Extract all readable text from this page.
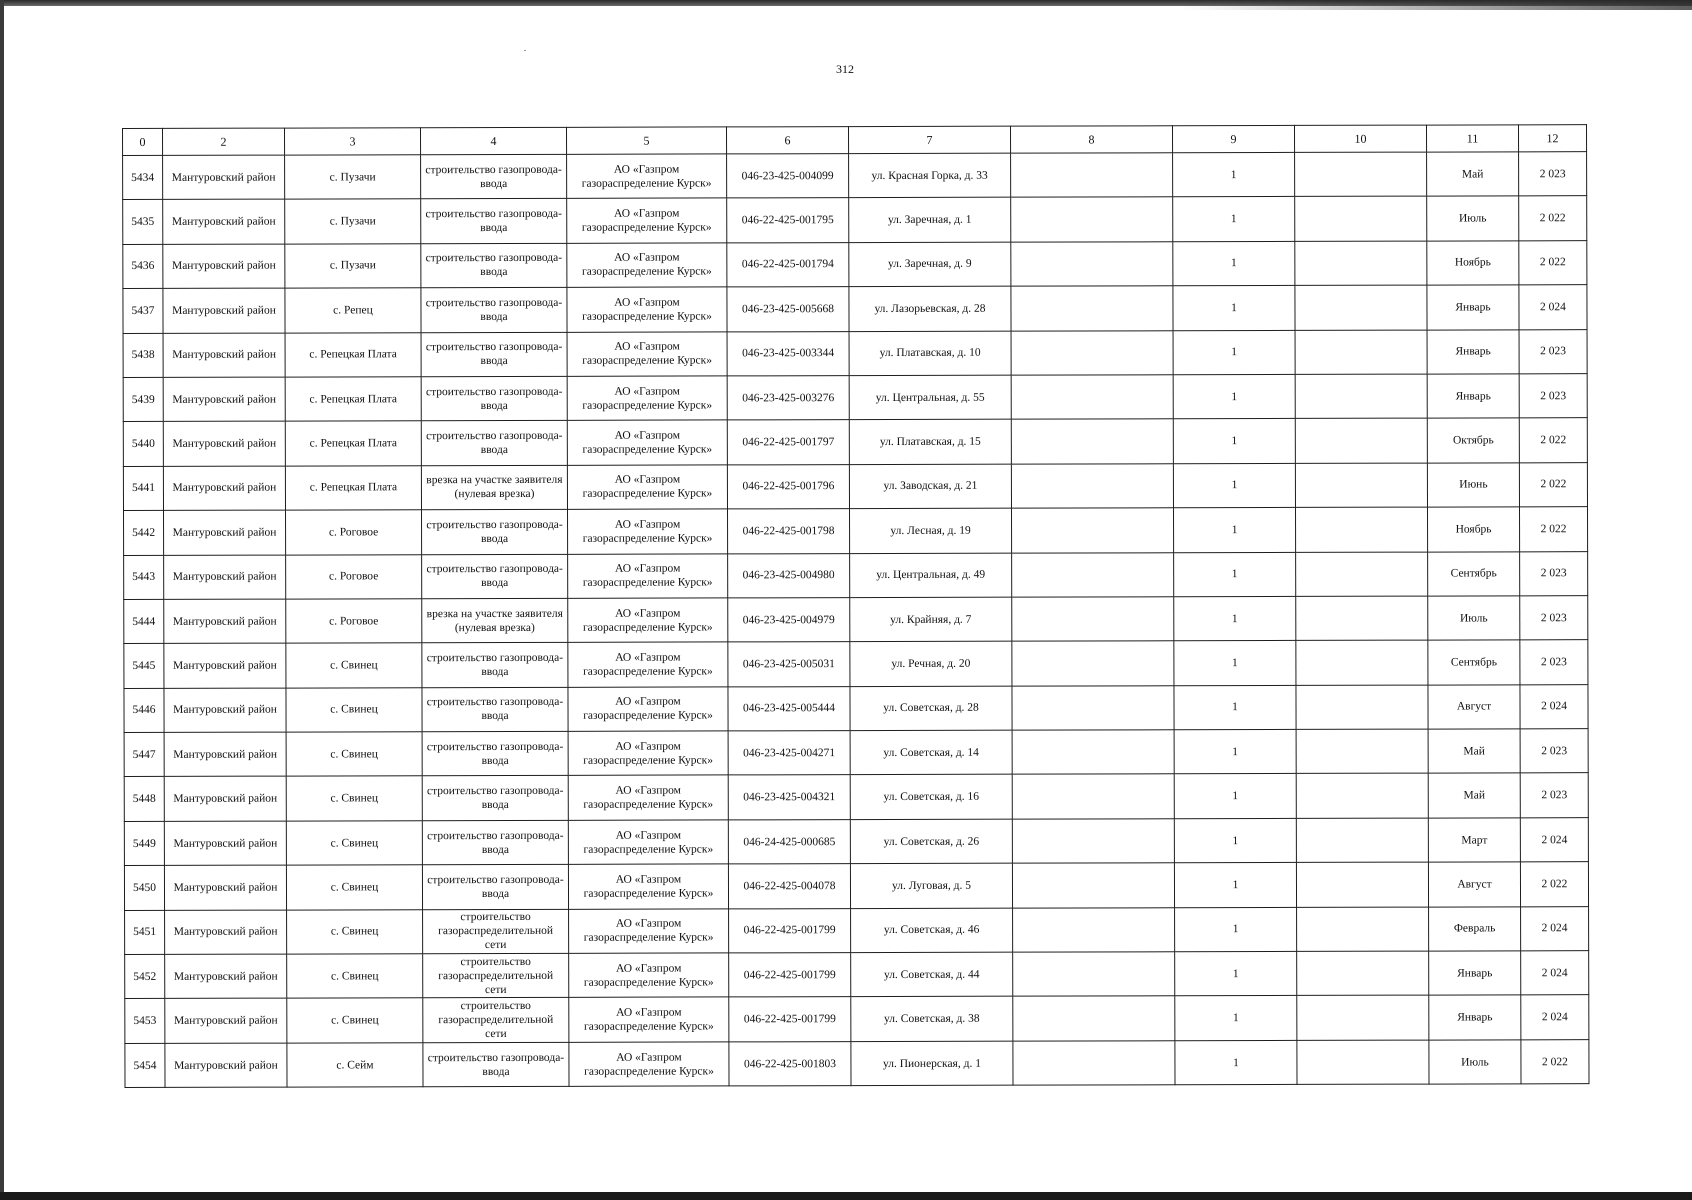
312
0	2	3	4	5	6	7	8	9	10	11	12
5434	Мантуровский район	с. Пузачи	строительство газопровода-ввода	АО «Газпром газораспределение Курск»	046-23-425-004099	ул. Красная Горка, д. 33		1		Май	2 023
5435	Мантуровский район	с. Пузачи	строительство газопровода-ввода	АО «Газпром газораспределение Курск»	046-22-425-001795	ул. Заречная, д. 1		1		Июль	2 022
5436	Мантуровский район	с. Пузачи	строительство газопровода-ввода	АО «Газпром газораспределение Курск»	046-22-425-001794	ул. Заречная, д. 9		1		Ноябрь	2 022
5437	Мантуровский район	с. Репец	строительство газопровода-ввода	АО «Газпром газораспределение Курск»	046-23-425-005668	ул. Лазорьевская, д. 28		1		Январь	2 024
5438	Мантуровский район	с. Репецкая Плата	строительство газопровода-ввода	АО «Газпром газораспределение Курск»	046-23-425-003344	ул. Платавская, д. 10		1		Январь	2 023
5439	Мантуровский район	с. Репецкая Плата	строительство газопровода-ввода	АО «Газпром газораспределение Курск»	046-23-425-003276	ул. Центральная, д. 55		1		Январь	2 023
5440	Мантуровский район	с. Репецкая Плата	строительство газопровода-ввода	АО «Газпром газораспределение Курск»	046-22-425-001797	ул. Платавская, д. 15		1		Октябрь	2 022
5441	Мантуровский район	с. Репецкая Плата	врезка на участке заявителя (нулевая врезка)	АО «Газпром газораспределение Курск»	046-22-425-001796	ул. Заводская, д. 21		1		Июнь	2 022
5442	Мантуровский район	с. Роговое	строительство газопровода-ввода	АО «Газпром газораспределение Курск»	046-22-425-001798	ул. Лесная, д. 19		1		Ноябрь	2 022
5443	Мантуровский район	с. Роговое	строительство газопровода-ввода	АО «Газпром газораспределение Курск»	046-23-425-004980	ул. Центральная, д. 49		1		Сентябрь	2 023
5444	Мантуровский район	с. Роговое	врезка на участке заявителя (нулевая врезка)	АО «Газпром газораспределение Курск»	046-23-425-004979	ул. Крайняя, д. 7		1		Июль	2 023
5445	Мантуровский район	с. Свинец	строительство газопровода-ввода	АО «Газпром газораспределение Курск»	046-23-425-005031	ул. Речная, д. 20		1		Сентябрь	2 023
5446	Мантуровский район	с. Свинец	строительство газопровода-ввода	АО «Газпром газораспределение Курск»	046-23-425-005444	ул. Советская, д. 28		1		Август	2 024
5447	Мантуровский район	с. Свинец	строительство газопровода-ввода	АО «Газпром газораспределение Курск»	046-23-425-004271	ул. Советская, д. 14		1		Май	2 023
5448	Мантуровский район	с. Свинец	строительство газопровода-ввода	АО «Газпром газораспределение Курск»	046-23-425-004321	ул. Советская, д. 16		1		Май	2 023
5449	Мантуровский район	с. Свинец	строительство газопровода-ввода	АО «Газпром газораспределение Курск»	046-24-425-000685	ул. Советская, д. 26		1		Март	2 024
5450	Мантуровский район	с. Свинец	строительство газопровода-ввода	АО «Газпром газораспределение Курск»	046-22-425-004078	ул. Луговая, д. 5		1		Август	2 022
5451	Мантуровский район	с. Свинец	строительство газораспределительной сети	АО «Газпром газораспределение Курск»	046-22-425-001799	ул. Советская, д. 46		1		Февраль	2 024
5452	Мантуровский район	с. Свинец	строительство газораспределительной сети	АО «Газпром газораспределение Курск»	046-22-425-001799	ул. Советская, д. 44		1		Январь	2 024
5453	Мантуровский район	с. Свинец	строительство газораспределительной сети	АО «Газпром газораспределение Курск»	046-22-425-001799	ул. Советская, д. 38		1		Январь	2 024
5454	Мантуровский район	с. Сейм	строительство газопровода-ввода	АО «Газпром газораспределение Курск»	046-22-425-001803	ул. Пионерская, д. 1		1		Июль	2 022
